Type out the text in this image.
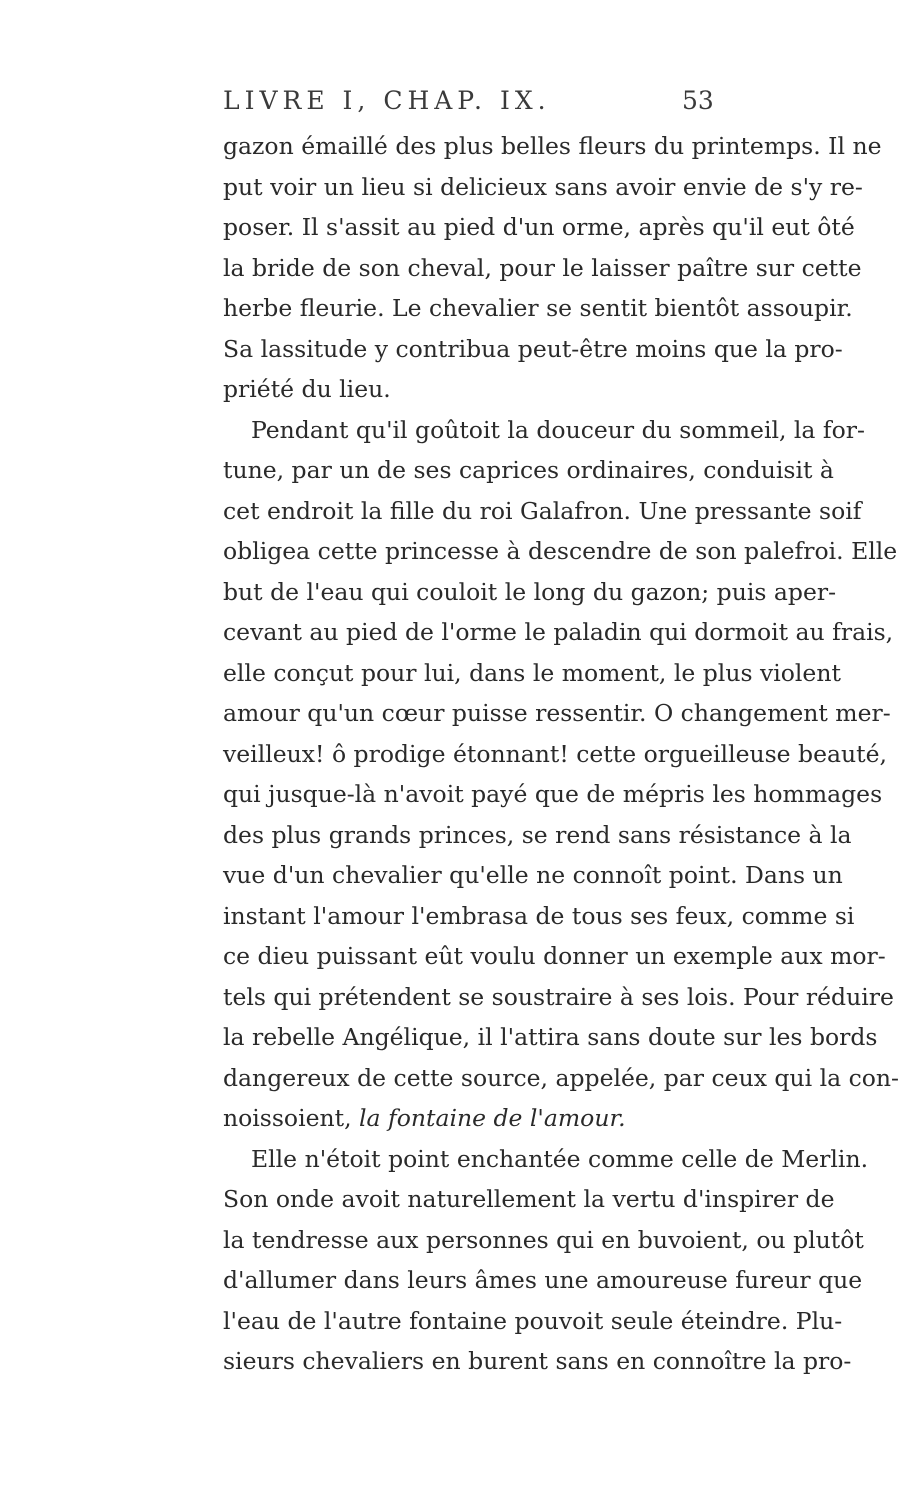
LIVRE I, CHAP. IX.	53
gazon émaillé des plus belles fleurs du printemps. Il ne
put voir un lieu si delicieux sans avoir envie de s'y re-
poser. Il s'assit au pied d'un orme, après qu'il eut ôté
la bride de son cheval, pour le laisser paître sur cette
herbe fleurie. Le chevalier se sentit bientôt assoupir.
Sa lassitude y contribua peut-être moins que la pro-
priété du lieu.
Pendant qu'il goûtoit la douceur du sommeil, la for-
tune, par un de ses caprices ordinaires, conduisit à
cet endroit la fille du roi Galafron. Une pressante soif
obligea cette princesse à descendre de son palefroi. Elle
but de l'eau qui couloit le long du gazon; puis aper-
cevant au pied de l'orme le paladin qui dormoit au frais,
elle conçut pour lui, dans le moment, le plus violent
amour qu'un cœur puisse ressentir. O changement mer-
veilleux! ô prodige étonnant! cette orgueilleuse beauté,
qui jusque-là n'avoit payé que de mépris les hommages
des plus grands princes, se rend sans résistance à la
vue d'un chevalier qu'elle ne connoît point. Dans un
instant l'amour l'embrasa de tous ses feux, comme si
ce dieu puissant eût voulu donner un exemple aux mor-
tels qui prétendent se soustraire à ses lois. Pour réduire
la rebelle Angélique, il l'attira sans doute sur les bords
dangereux de cette source, appelée, par ceux qui la con-
noissoient, la fontaine de l'amour.
Elle n'étoit point enchantée comme celle de Merlin.
Son onde avoit naturellement la vertu d'inspirer de
la tendresse aux personnes qui en buvoient, ou plutôt
d'allumer dans leurs âmes une amoureuse fureur que
l'eau de l'autre fontaine pouvoit seule éteindre. Plu-
sieurs chevaliers en burent sans en connoître la pro-
